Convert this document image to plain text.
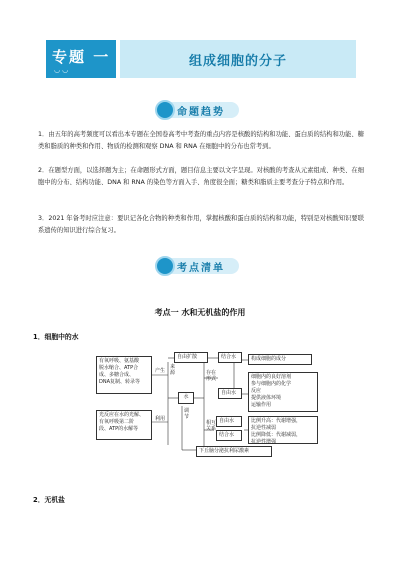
专题 一
◡◡
组成细胞的分子
命题趋势
1．由五年的高考频度可以看出本专题在全国卷高考中考查的重点内容是核酸的结构和功能、蛋白质的结构和功能、糖类和脂质的种类和作用、物质的检测和观察 DNA 和 RNA 在细胞中的分布也常考到。
2．在题型方面，以选择题为主；在命题形式方面，题目信息主要以文字呈现。对核酸的考查从元素组成、种类、在细胞中的分布、结构功能、DNA 和 RNA 的染色等方面入手、角度很全面；糖类和脂质主要考查分子特点和作用。
3．2021 年备考时应注意：要识记各化合物的种类和作用，掌握核酸和蛋白质的结构和功能，特别是对核酸知识要联系遗传的知识进行综合复习。
考点清单
考点一 水和无机盐的作用
1．细胞中的水
有氧呼吸、氨基酸
脱水缩合、ATP合
成、多糖合成、
DNA复制、转录等
光反应在水的光解、
有氧呼吸第二阶
段、ATP的水解等
产生
利用
来源
自由扩散
水
调节
存在
形式
结合水
自由水
构成细胞的成分
细胞内的良好溶剂
参与细胞内的化学
反应
提供液体环境
运输作用
相互
关系
自由水
结合水
比例升高：代谢增强，
抗逆性减弱
比例降低：代谢减弱，
抗逆性增强
下丘脑分泌抗利尿激素
2．无机盐
